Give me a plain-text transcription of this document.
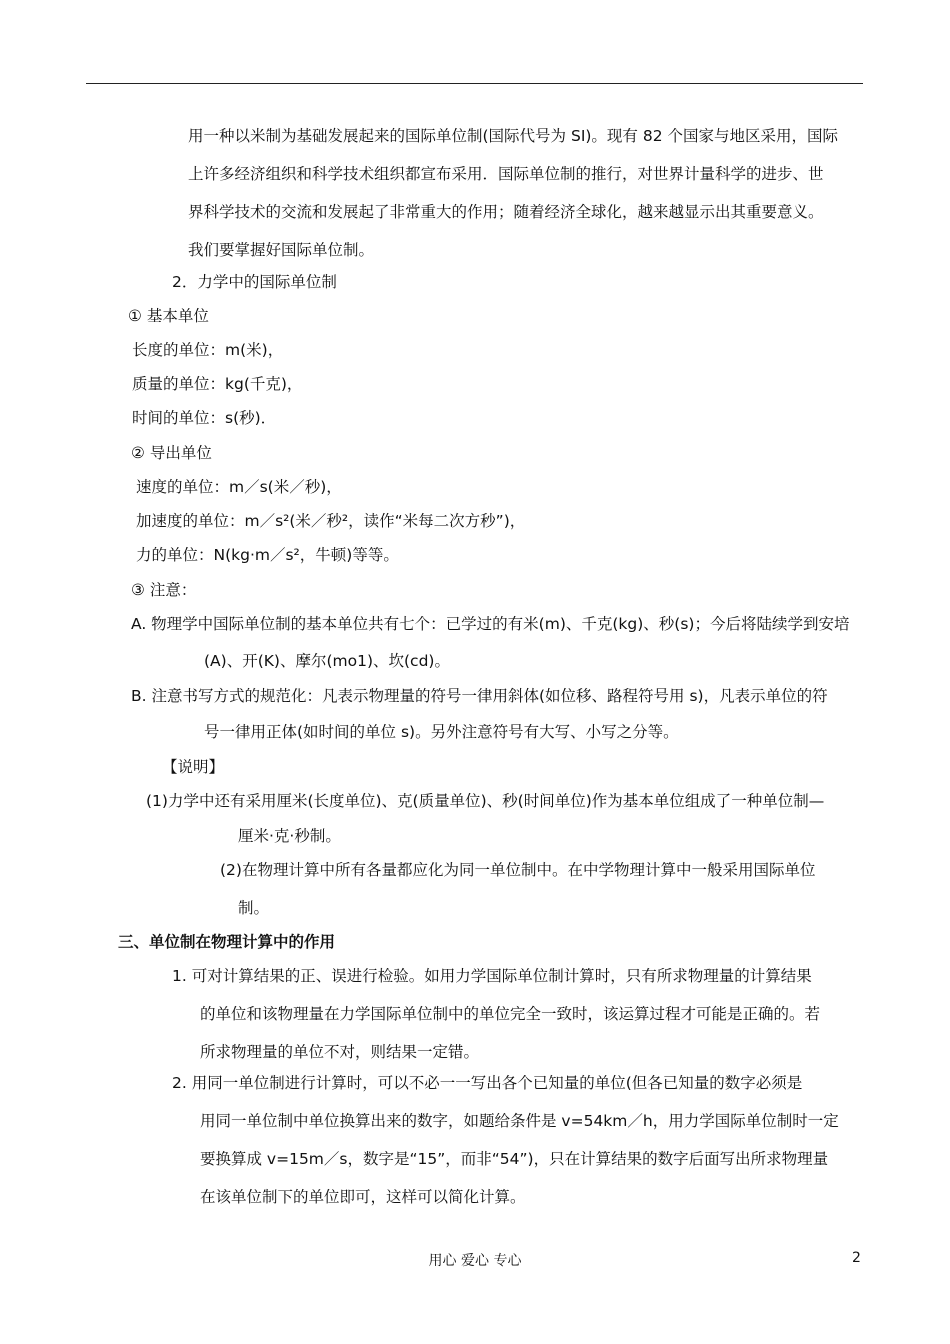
用一种以米制为基础发展起来的国际单位制(国际代号为 SI)。现有 82 个国家与地区采用，国际
上许多经济组织和科学技术组织都宣布采用．国际单位制的推行，对世界计量科学的进步、世
界科学技术的交流和发展起了非常重大的作用；随着经济全球化，越来越显示出其重要意义。
我们要掌握好国际单位制。
2．力学中的国际单位制
① 基本单位
长度的单位：m(米)，
质量的单位：kg(千克)，
时间的单位：s(秒)．
② 导出单位
速度的单位：m／s(米／秒)，
加速度的单位：m／s²(米／秒²，读作“米每二次方秒”)，
力的单位：N(kg·m／s²，牛顿)等等。
③ 注意：
A. 物理学中国际单位制的基本单位共有七个：已学过的有米(m)、千克(kg)、秒(s)；今后将陆续学到安培
(A)、开(K)、摩尔(mo1)、坎(cd)。
B. 注意书写方式的规范化：凡表示物理量的符号一律用斜体(如位移、路程符号用 s)，凡表示单位的符
号一律用正体(如时间的单位 s)。另外注意符号有大写、小写之分等。
【说明】
(1)力学中还有采用厘米(长度单位)、克(质量单位)、秒(时间单位)作为基本单位组成了一种单位制—
厘米·克·秒制。
(2)在物理计算中所有各量都应化为同一单位制中。在中学物理计算中一般采用国际单位
制。
三、单位制在物理计算中的作用
1. 可对计算结果的正、误进行检验。如用力学国际单位制计算时，只有所求物理量的计算结果
的单位和该物理量在力学国际单位制中的单位完全一致时，该运算过程才可能是正确的。若
所求物理量的单位不对，则结果一定错。
2. 用同一单位制进行计算时，可以不必一一写出各个已知量的单位(但各已知量的数字必须是
用同一单位制中单位换算出来的数字，如题给条件是 v=54km／h，用力学国际单位制时一定
要换算成 v=15m／s，数字是“15”，而非“54”)，只在计算结果的数字后面写出所求物理量
在该单位制下的单位即可，这样可以简化计算。
用心 爱心 专心	2
